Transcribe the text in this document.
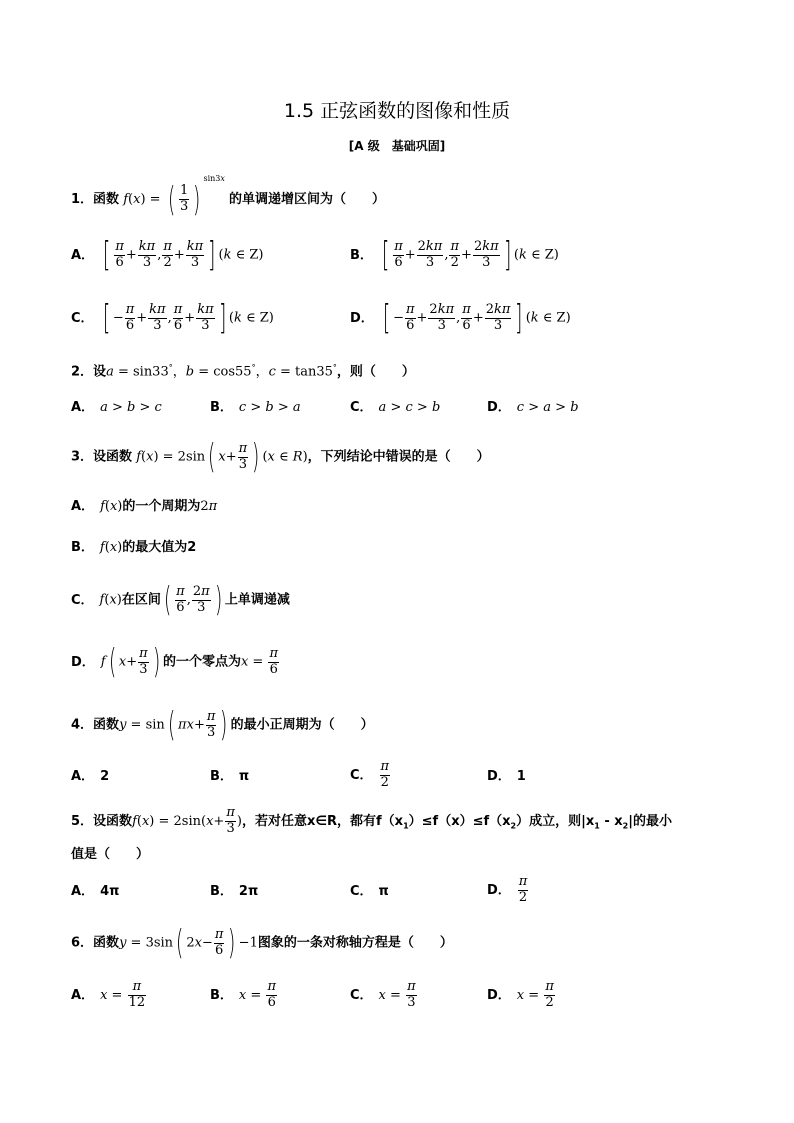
1.5 正弦函数的图像和性质
[A 级　基础巩固]
1．函数 f(x) = ( $\frac{1}{3} )^{sin3x}$ 的单调递增区间为（　　）
A． [ $\frac{\pi}{6} + \frac{k\pi}{3}$ , $\frac{\pi}{2} + \frac{k\pi}{3}$ ] (k ∈ Z)	B． [ $\frac{\pi}{6} + \frac{2k\pi}{3}$ , $\frac{\pi}{2} + \frac{2k\pi}{3}$ ] (k ∈ Z)
C． [ − $\frac{\pi}{6} + \frac{k\pi}{3}$ , $\frac{\pi}{6} + \frac{k\pi}{3}$ ] (k ∈ Z)	D． [ − $\frac{\pi}{6} + \frac{2k\pi}{3}$ , $\frac{\pi}{6} + \frac{2k\pi}{3}$ ] (k ∈ Z)
2．设a = sin33°，b = cos55°，c = tan35°，则（　　）
A． a > b > c	B． c > b > a	C． a > c > b	D． c > a > b
3．设函数 f(x) = 2sin( $x+ \frac{\pi}{3}$ ) (x ∈ R)，下列结论中错误的是（　　）
A． f(x)的一个周期为2π
B． f(x)的最大值为2
C． f(x)在区间( $\frac{\pi}{6}$ , $\frac{2\pi}{3}$ ) 上单调递减
D． f( $x+ \frac{\pi}{3}$ ) 的一个零点为$x = \frac{\pi}{6}$
4．函数y = sin( $\pi x+ \frac{\pi}{3}$ ) 的最小正周期为（　　）
A． 2	B． π	C． $\frac{\pi}{2}$	D． 1
5．设函数$f(x) = 2\sin(x+ \frac{\pi}{3}$ )，若对任意x∈R，都有$f(x_1)\le f(x)\le f(x_2)$成立，则$|x_1 - x_2|$的最小
值是（　　）
A． 4π	B． 2π	C． π	D． $\frac{\pi}{2}$
6．函数y = 3sin( $2x- \frac{\pi}{6}$ ) −1图象的一条对称轴方程是（　　）
A． $x = \frac{\pi}{12}$	B． $x = \frac{\pi}{6}$	C． $x = \frac{\pi}{3}$	D． $x = \frac{\pi}{2}$
